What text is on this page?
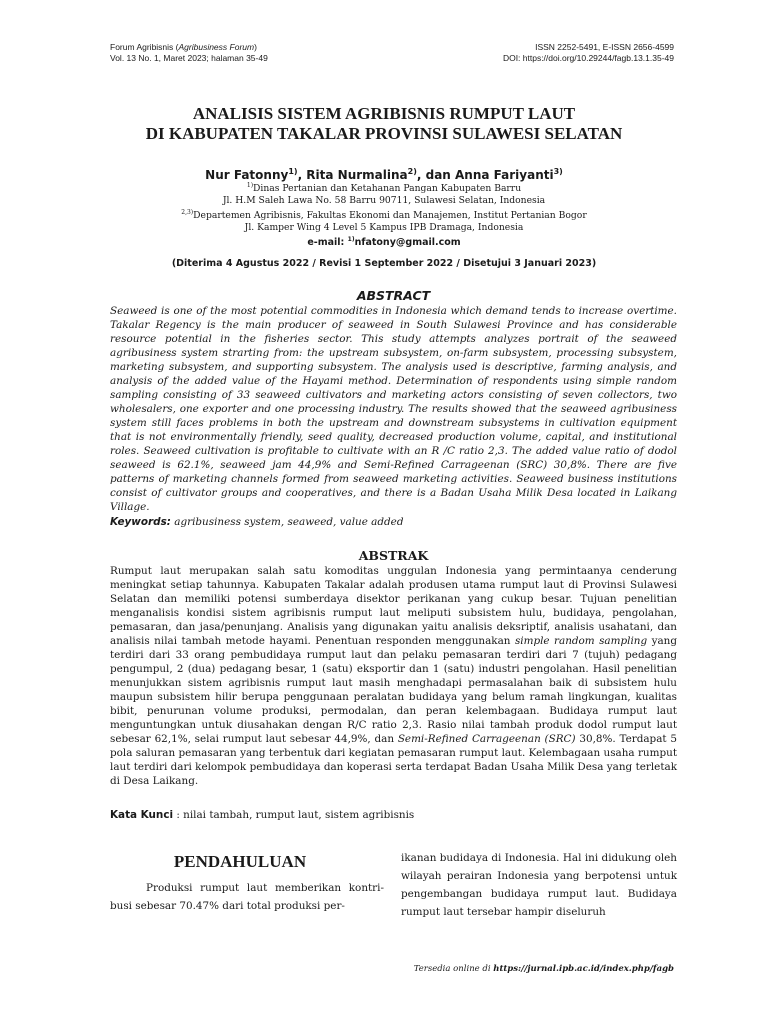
Forum Agribisnis (Agribusiness Forum)
Vol. 13 No. 1, Maret 2023; halaman 35-49
ISSN 2252-5491, E-ISSN 2656-4599
DOI: https://doi.org/10.29244/fagb.13.1.35-49
ANALISIS SISTEM AGRIBISNIS RUMPUT LAUT
DI KABUPATEN TAKALAR PROVINSI SULAWESI SELATAN
Nur Fatonny$^{1)}$, Rita Nurmalina$^{2)}$, dan Anna Fariyanti$^{3)}$
$^{1)}$Dinas Pertanian dan Ketahanan Pangan Kabupaten Barru
Jl. H.M Saleh Lawa No. 58 Barru 90711, Sulawesi Selatan, Indonesia
$^{2,3)}$Departemen Agribisnis, Fakultas Ekonomi dan Manajemen, Institut Pertanian Bogor
Jl. Kamper Wing 4 Level 5 Kampus IPB Dramaga, Indonesia
e-mail: $^{1)}$nfatony@gmail.com
(Diterima 4 Agustus 2022 / Revisi 1 September 2022 / Disetujui 3 Januari 2023)
ABSTRACT
Seaweed is one of the most potential commodities in Indonesia which demand tends to increase overtime. Takalar Regency is the main producer of seaweed in South Sulawesi Province and has considerable resource potential in the fisheries sector. This study attempts analyzes portrait of the seaweed agribusiness system strarting from: the upstream subsystem, on-farm subsystem, processing subsystem, marketing subsystem, and supporting subsystem. The analysis used is descriptive, farming analysis, and analysis of the added value of the Hayami method. Determination of respondents using simple random sampling consisting of 33 seaweed cultivators and marketing actors consisting of seven collectors, two wholesalers, one exporter and one processing industry. The results showed that the seaweed agribusiness system still faces problems in both the upstream and downstream subsystems in cultivation equipment that is not environmentally friendly, seed quality, decreased production volume, capital, and institutional roles. Seaweed cultivation is profitable to cultivate with an R /C ratio 2,3. The added value ratio of dodol seaweed is 62.1%, seaweed jam 44,9% and Semi-Refined Carrageenan (SRC) 30,8%. There are five patterns of marketing channels formed from seaweed marketing activities. Seaweed business institutions consist of cultivator groups and cooperatives, and there is a Badan Usaha Milik Desa located in Laikang Village.
Keywords: agribusiness system, seaweed, value added
ABSTRAK
Rumput laut merupakan salah satu komoditas unggulan Indonesia yang permintaanya cenderung meningkat setiap tahunnya. Kabupaten Takalar adalah produsen utama rumput laut di Provinsi Sulawesi Selatan dan memiliki potensi sumberdaya disektor perikanan yang cukup besar. Tujuan penelitian menganalisis kondisi sistem agribisnis rumput laut meliputi subsistem hulu, budidaya, pengolahan, pemasaran, dan jasa/penunjang. Analisis yang digunakan yaitu analisis deksriptif, analisis usahatani, dan analisis nilai tambah metode hayami. Penentuan responden menggunakan simple random sampling yang terdiri dari 33 orang pembudidaya rumput laut dan pelaku pemasaran terdiri dari 7 (tujuh) pedagang pengumpul, 2 (dua) pedagang besar, 1 (satu) eksportir dan 1 (satu) industri pengolahan. Hasil penelitian menunjukkan sistem agribisnis rumput laut masih menghadapi permasalahan baik di subsistem hulu maupun subsistem hilir berupa penggunaan peralatan budidaya yang belum ramah lingkungan, kualitas bibit, penurunan volume produksi, permodalan, dan peran kelembagaan. Budidaya rumput laut menguntungkan untuk diusahakan dengan R/C ratio 2,3. Rasio nilai tambah produk dodol rumput laut sebesar 62,1%, selai rumput laut sebesar 44,9%, dan Semi-Refined Carrageenan (SRC) 30,8%. Terdapat 5 pola saluran pemasaran yang terbentuk dari kegiatan pemasaran rumput laut. Kelembagaan usaha rumput laut terdiri dari kelompok pembudidaya dan koperasi serta terdapat Badan Usaha Milik Desa yang terletak di Desa Laikang.
Kata Kunci : nilai tambah, rumput laut, sistem agribisnis
PENDAHULUAN
Produksi rumput laut memberikan kontri-busi sebesar 70.47% dari total produksi per-
ikanan budidaya di Indonesia. Hal ini didukung oleh wilayah perairan Indonesia yang berpotensi untuk pengembangan budidaya rumput laut. Budidaya rumput laut tersebar hampir diseluruh
Tersedia online di https://jurnal.ipb.ac.id/index.php/fagb
